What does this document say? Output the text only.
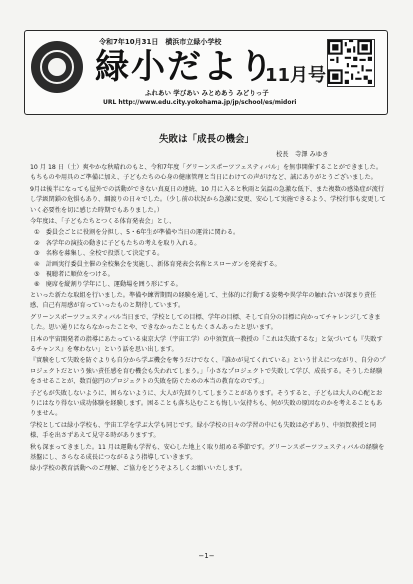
令和7年10月31日　横浜市立緑小学校
緑小だより
11月号
ふれあい 学びあい みとめあう みどりっ子
URL http://www.edu.city.yokohama.jp/jp/school/es/midori
失敗は「成長の機会」
校長　寺澤 みゆき

10 月 18 日（土）爽やかな秋晴れのもと、令和7年度「グリーンスポーツフェスティバル」を無事開催することができました。もちものや用具のご準備に加え、子どもたちの心身の健康管理と当日にわけての声がけなど、誠にありがとうございました。

9月は後半になっても屋外での活動ができない真夏日の連続、10 月に入ると秋雨と気温の急激な低下、また複数の感染症が流行し学級閉鎖の危惧もあり、綱渡りの日々でした。（少し前の状況から急激に変更、安心して実施できるよう、学校行事も変更していく必要性を切に感じた時期でもありました。）

今年度は、「子どもたちとつくる体育発表会」とし、

①　委員会ごとに役割を分担し、5・6年生が準備や当日の運営に関わる。
②　各学年の演技の動きに子どもたちの考えを取り入れる。
③　名称を募集し、全校で投票して決定する。
④　計画実行委員主催の全校集会を実施し、新体育発表会名称とスローガンを発表する。
⑤　視聴者に順位をつける。
⑥　廃席を縦割り学年にし、運動場を囲う形にする。

といった新たな取組を行いました。準備や練習期間の経験を通して、主体的に行動する姿勢や異学年の触れ合いが深まり責任感、自己有用感が育っていったものと期待しています。

グリーンスポーツフェスティバル当日まで、学校としての目標、学年の目標、そして自分の目標に向かってチャレンジしてきました。思い通りにならなかったことや、できなかったこともたくさんあったと思います。

日本の宇宙開発者の指導にあたっている東京大学（宇宙工学）の中須賀真一教授の「これは失敗するな」と気づいても『失敗するチャンス』を奪わない」という話を思い出します。

『實験をして失敗を防ぐよりも自分から学ぶ機会を奪うだけでなく、『誰かが見てくれている』という甘えにつながり、自分のプロジェクトだという強い責任感を育む機会も失われてしまう。」「小さなプロジェクトで失敗して学び、成長する。そうした経験をさせることが、数百億円のプロジェクトの失敗を防ぐための本当の教育なのです。」

子どもが失敗しないように、困らないように、大人が先回りしてしまうことがあります。そうすると、子どもは大人の心配とおりにはなり得ない成功体験を経験します。困ることも落ち込むことも悔しい気持ちも、何が失敗の原因なのかを考えることもありません。

学校としては緑小学校も、宇宙工学を学ぶ大学も同じです。緑小学校の日々の学習の中にも失敗は必ずあり、中須賀教授と同様、手を出さずあえて見守る時がありますす。

秋も深まってきました。11 月は運動も学習も、安心した地上く取り組める季節です。グリーンスポーツフェスティバルの経験を基盤にし、さらなる成長につながるよう指導していきます。

緑小学校の教育活動へのご理解、ご協力をどうぞよろしくお願いいたします。

−1−
